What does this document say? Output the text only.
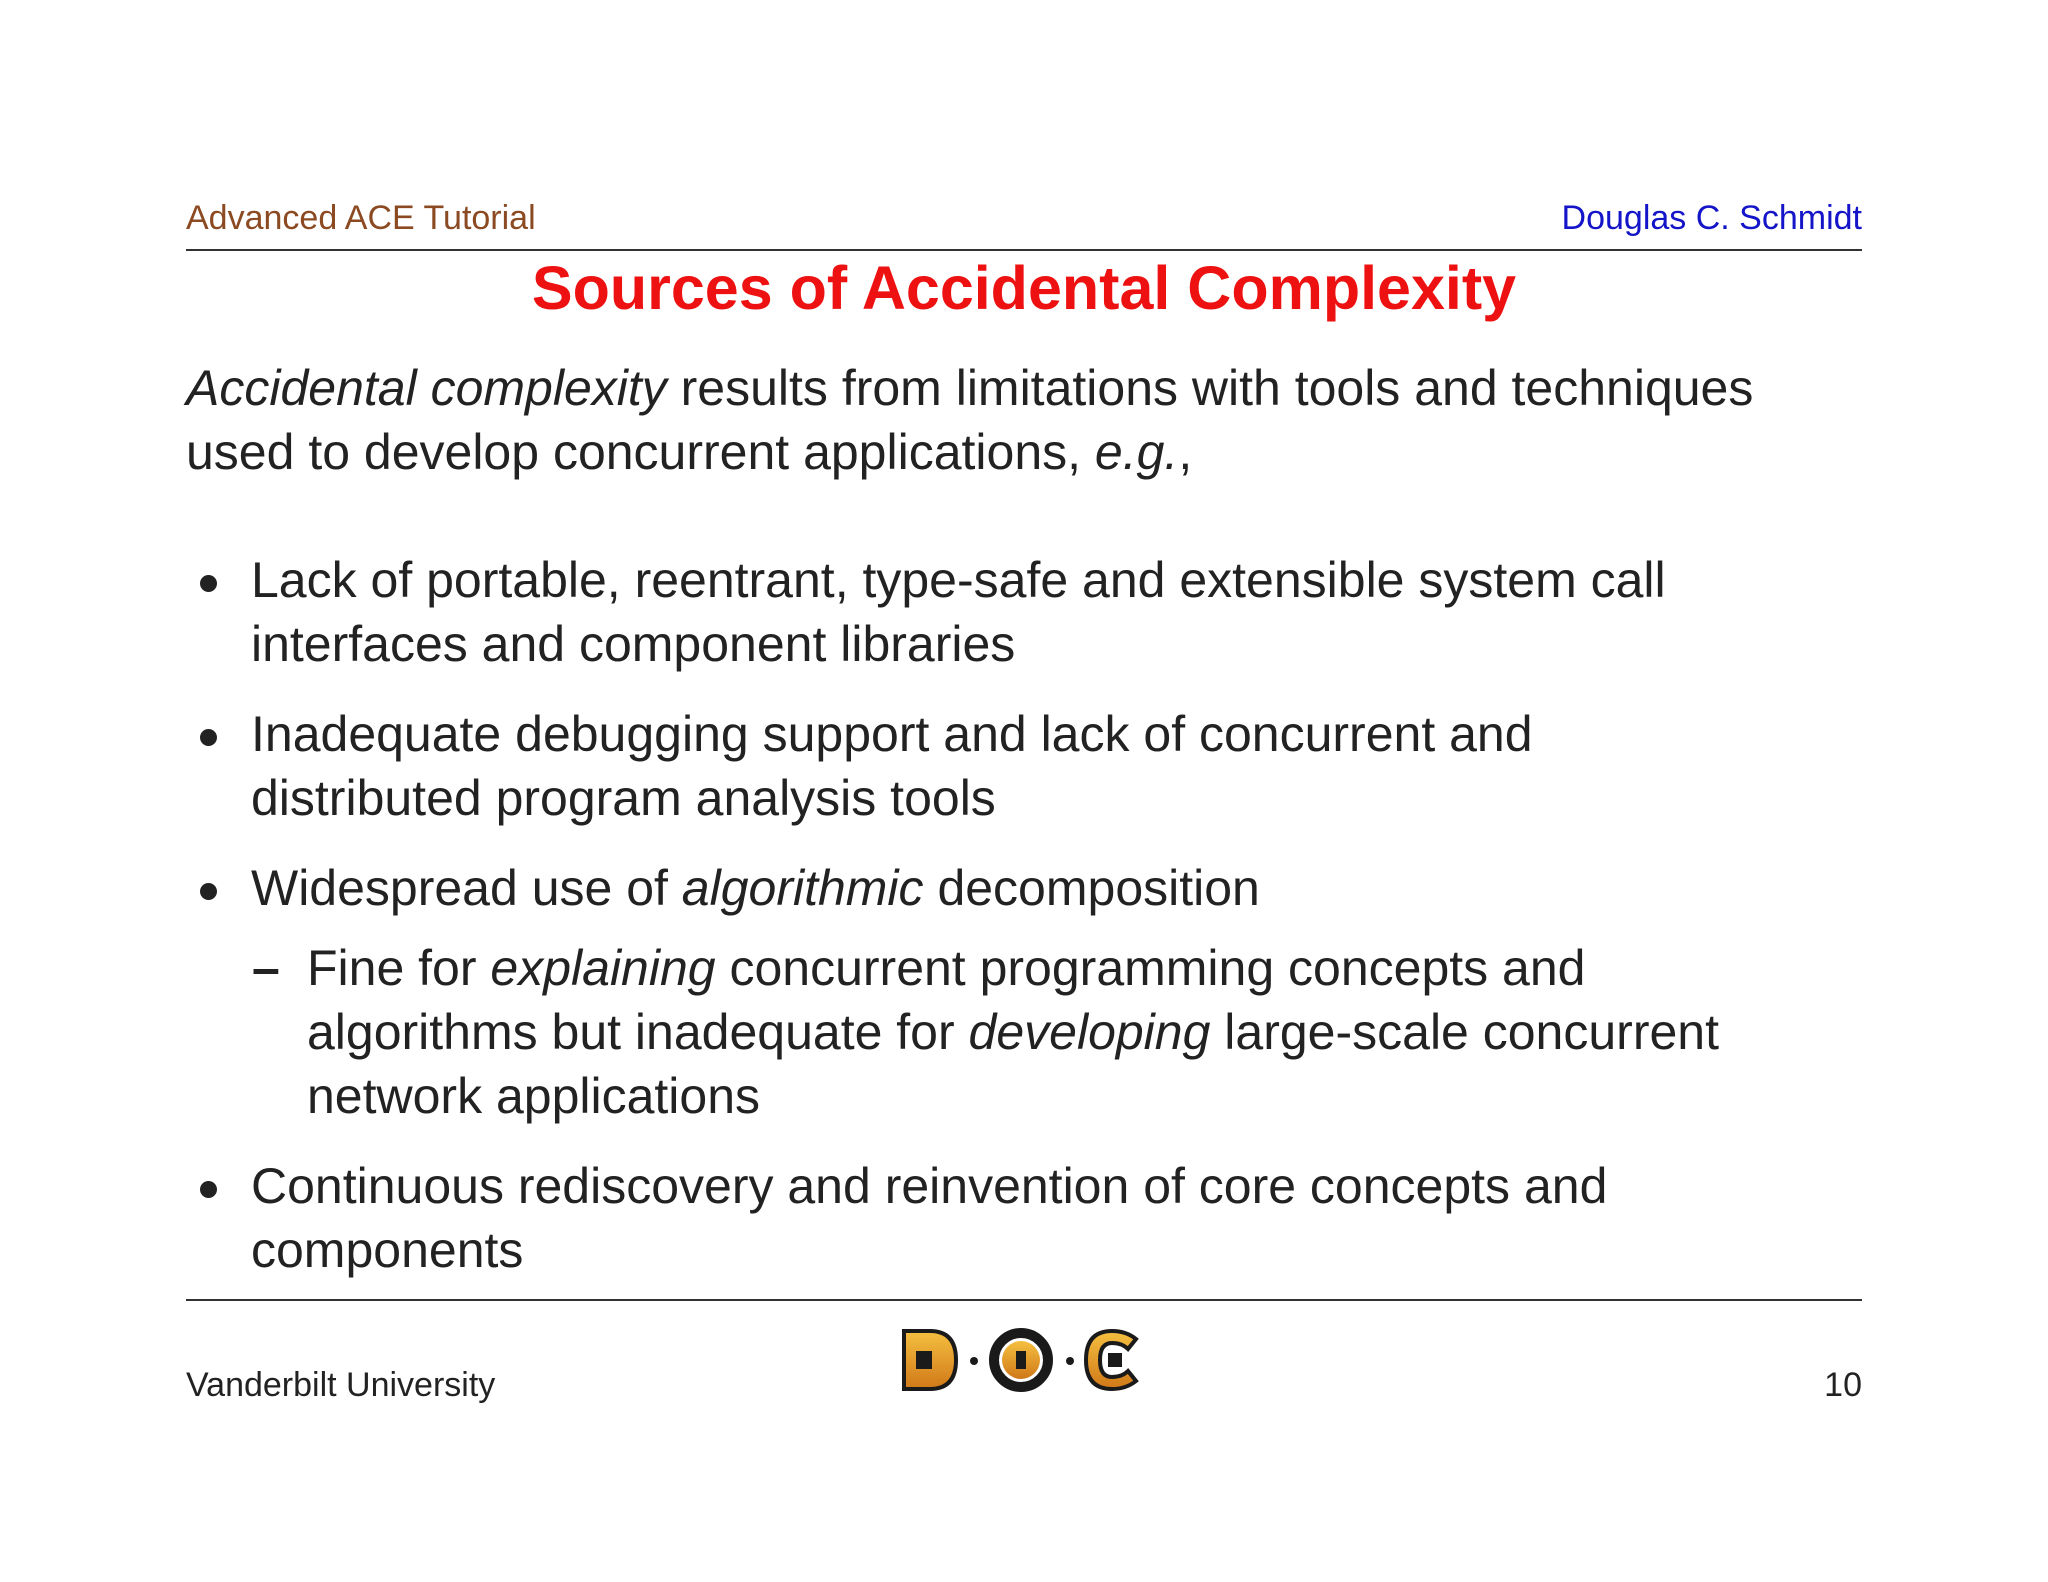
Advanced ACE Tutorial	Douglas C. Schmidt
Sources of Accidental Complexity
Accidental complexity results from limitations with tools and techniques
used to develop concurrent applications, e.g.,
Lack of portable, reentrant, type-safe and extensible system call
interfaces and component libraries
Inadequate debugging support and lack of concurrent and
distributed program analysis tools
Widespread use of algorithmic decomposition
– Fine for explaining concurrent programming concepts and
algorithms but inadequate for developing large-scale concurrent
network applications
Continuous rediscovery and reinvention of core concepts and
components
Vanderbilt University	10
